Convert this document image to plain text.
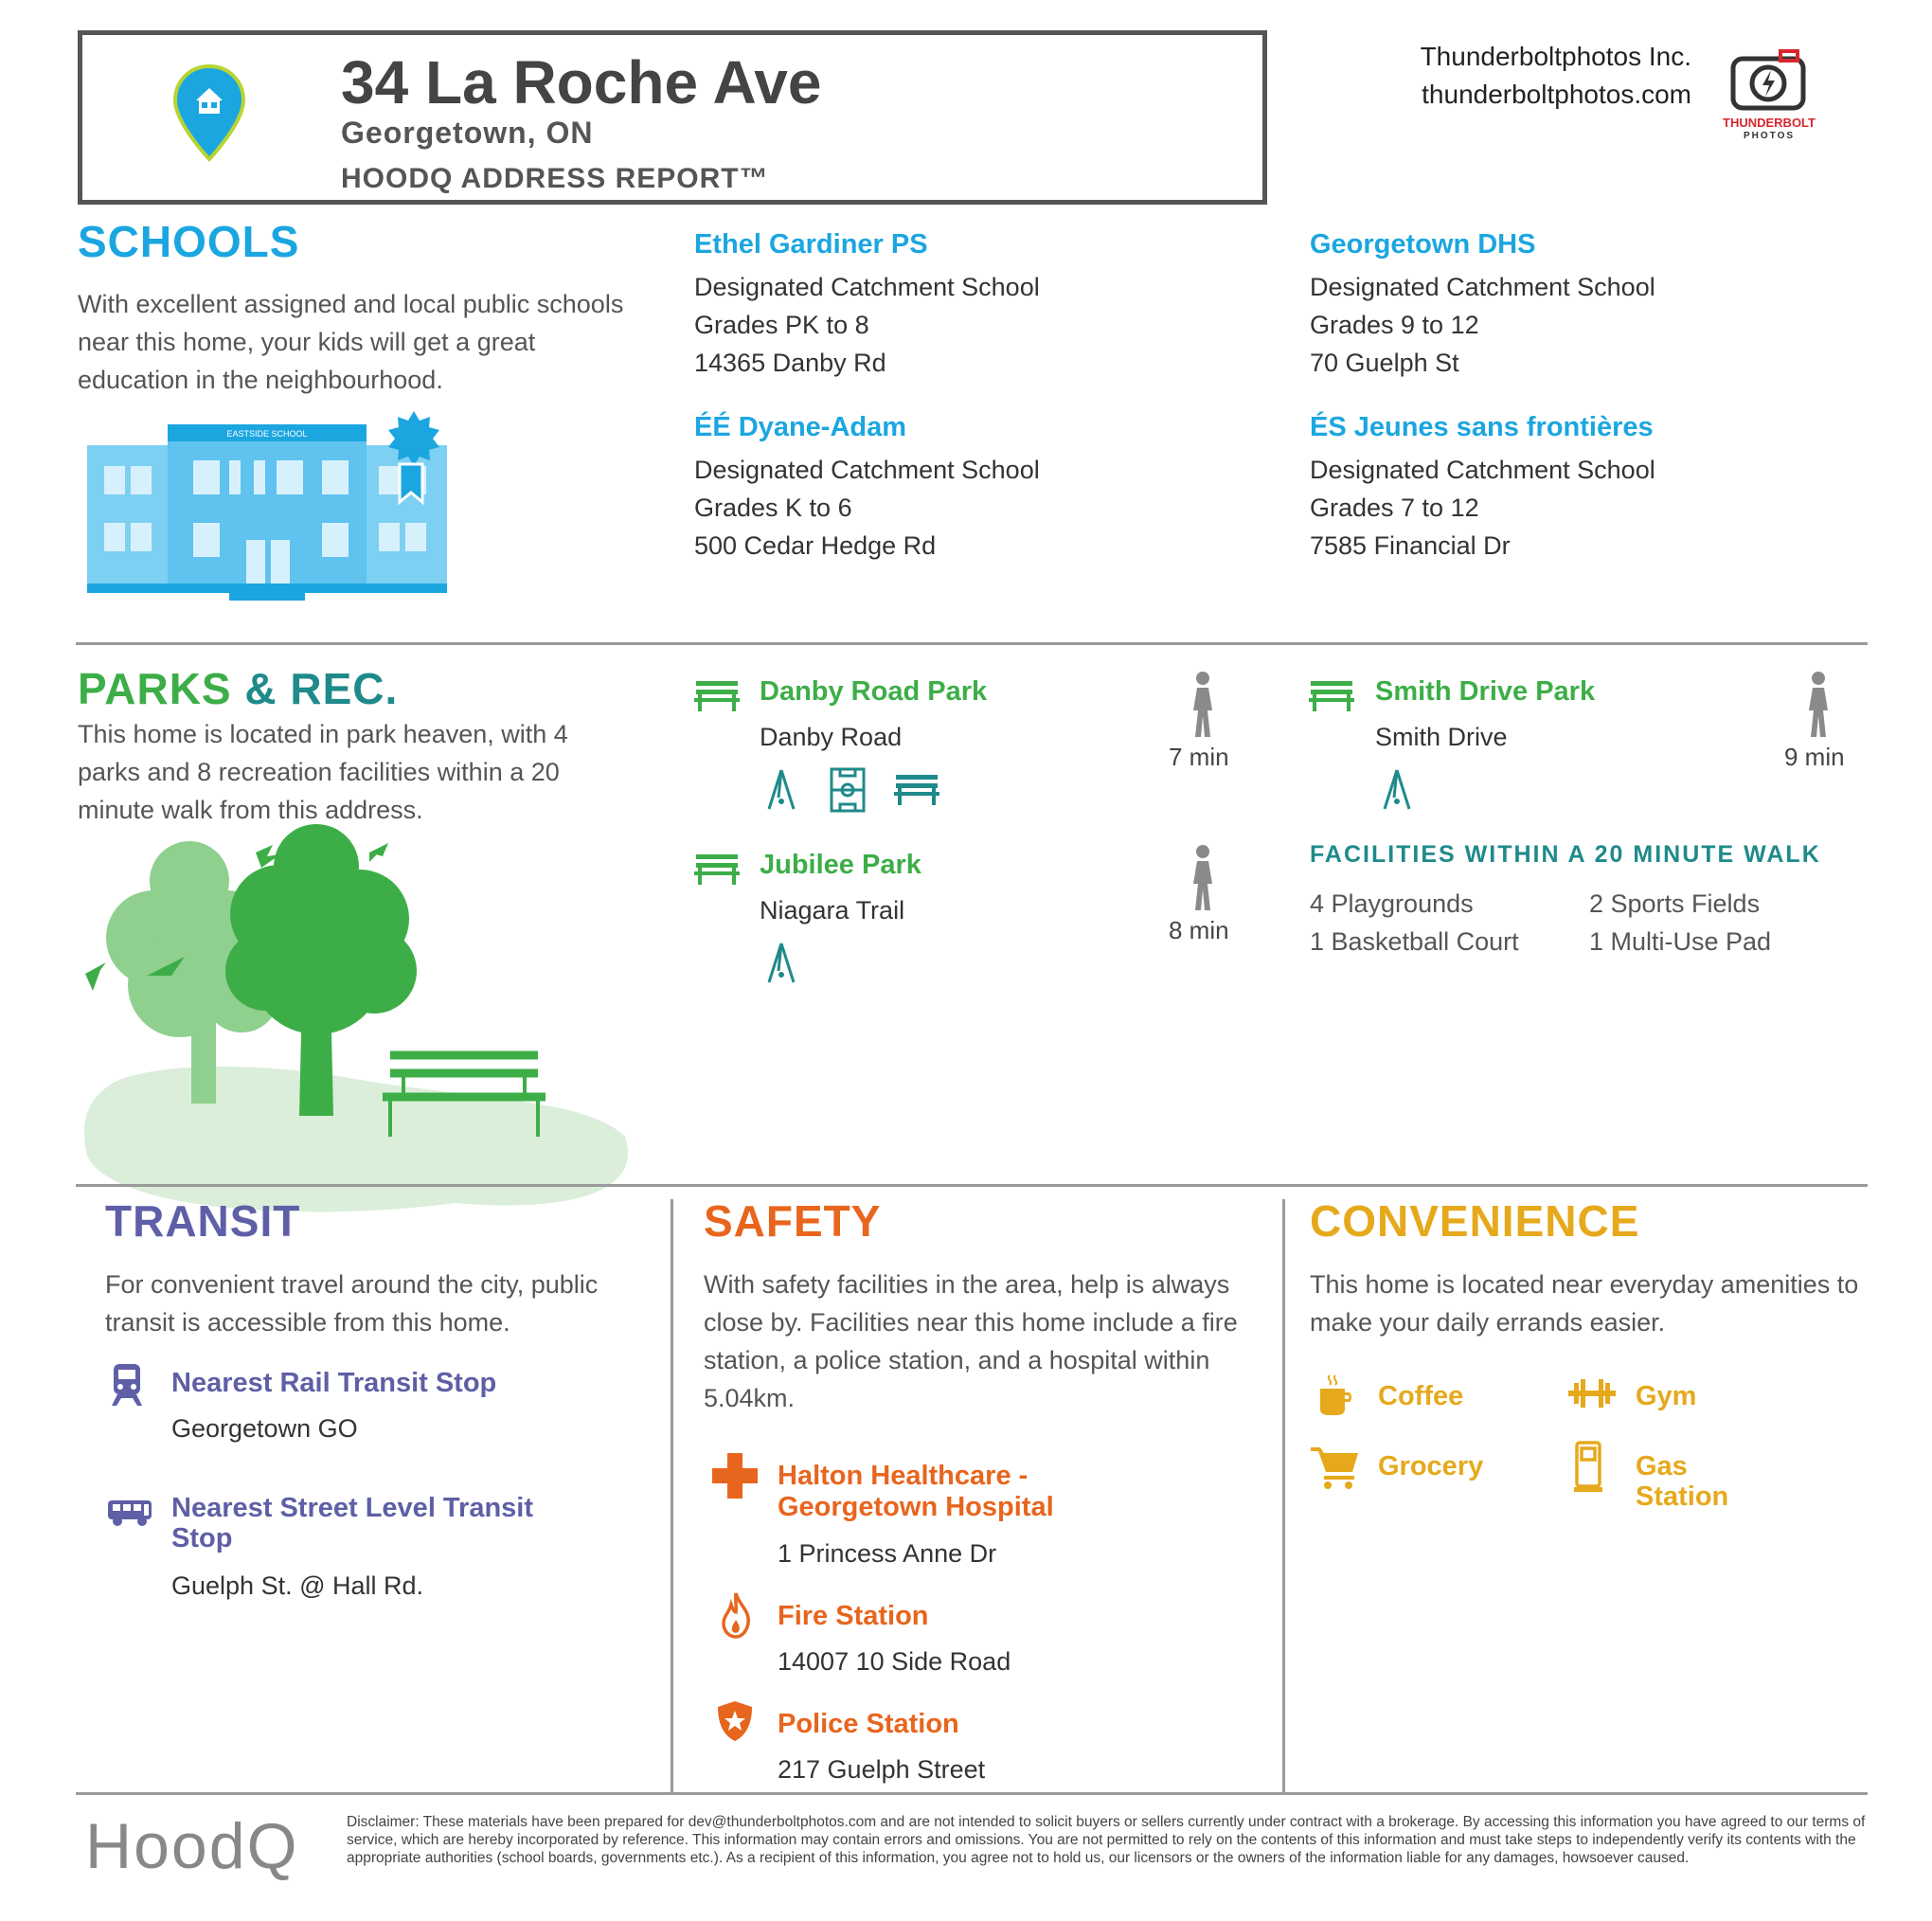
34 La Roche Ave
Georgetown, ON
HOODQ ADDRESS REPORT™
Thunderboltphotos Inc.
thunderboltphotos.com
THUNDERBOLT
PHOTOS
SCHOOLS
With excellent assigned and local public schools near this home, your kids will get a great education in the neighbourhood.
EASTSIDE SCHOOL
Ethel Gardiner PS
Designated Catchment School
Grades PK to 8
14365 Danby Rd
Georgetown DHS
Designated Catchment School
Grades 9 to 12
70 Guelph St
ÉÉ Dyane-Adam
Designated Catchment School
Grades K to 6
500 Cedar Hedge Rd
ÉS Jeunes sans frontières
Designated Catchment School
Grades 7 to 12
7585 Financial Dr
PARKS & REC.
This home is located in park heaven, with 4 parks and 8 recreation facilities within a 20 minute walk from this address.
Danby Road Park
Danby Road
7 min
Smith Drive Park
Smith Drive
9 min
Jubilee Park
Niagara Trail
8 min
FACILITIES WITHIN A 20 MINUTE WALK
4 Playgrounds	2 Sports Fields
1 Basketball Court	1 Multi-Use Pad
TRANSIT
For convenient travel around the city, public transit is accessible from this home.
Nearest Rail Transit Stop
Georgetown GO
Nearest Street Level Transit
Stop
Guelph St. @ Hall Rd.
SAFETY
With safety facilities in the area, help is always close by. Facilities near this home include a fire station, a police station, and a hospital within 5.04km.
Halton Healthcare -
Georgetown Hospital
1 Princess Anne Dr
Fire Station
14007 10 Side Road
Police Station
217 Guelph Street
CONVENIENCE
This home is located near everyday amenities to make your daily errands easier.
Coffee	Gym
Grocery	Gas
Station
HoodQ	Disclaimer: These materials have been prepared for dev@thunderboltphotos.com and are not intended to solicit buyers or sellers currently under contract with a brokerage. By accessing this information you have agreed to our terms of service, which are hereby incorporated by reference. This information may contain errors and omissions. You are not permitted to rely on the contents of this information and must take steps to independently verify its contents with the appropriate authorities (school boards, governments etc.). As a recipient of this information, you agree not to hold us, our licensors or the owners of the information liable for any damages, howsoever caused.
